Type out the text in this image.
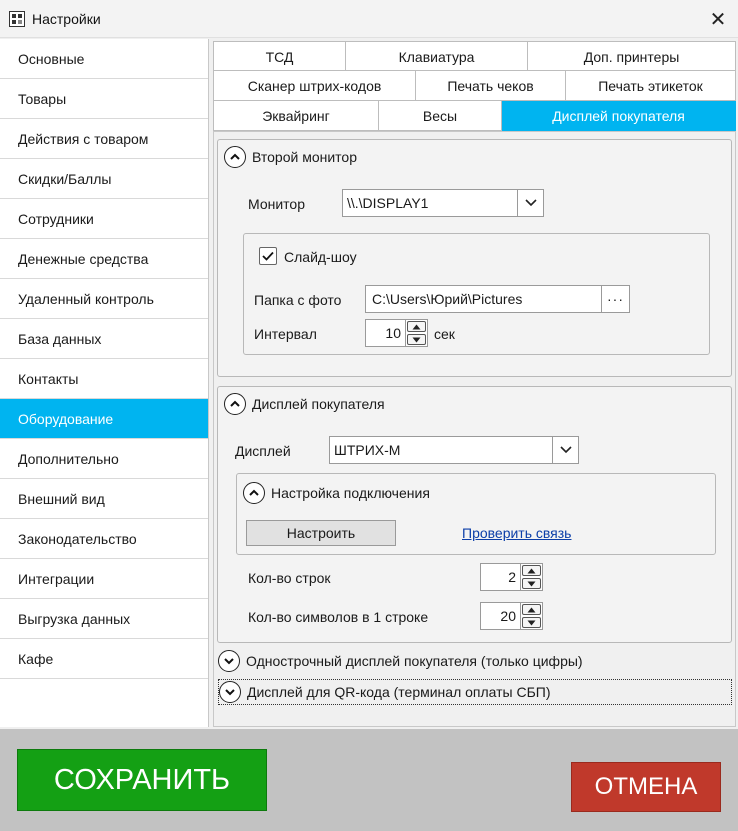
Настройки	✕
Основные
Товары
Действия с товаром
Скидки/Баллы
Сотрудники
Денежные средства
Удаленный контроль
База данных
Контакты
Оборудование
Дополнительно
Внешний вид
Законодательство
Интеграции
Выгрузка данных
Кафе
ТСД	Клавиатура	Доп. принтеры
Сканер штрих-кодов	Печать чеков	Печать этикеток
Эквайринг	Весы	Дисплей покупателя
Второй монитор
Монитор	\\.\DISPLAY1
Слайд-шоу
Папка с фото	C:\Users\Юрий\Pictures	···
Интервал	10 сек
Дисплей покупателя
Дисплей	ШТРИХ-М
Настройка подключения
Настроить	Проверить связь
Кол-во строк	2
Кол-во символов в 1 строке	20
Однострочный дисплей покупателя (только цифры)
Дисплей для QR-кода (терминал оплаты СБП)
СОХРАНИТЬ	ОТМЕНА
